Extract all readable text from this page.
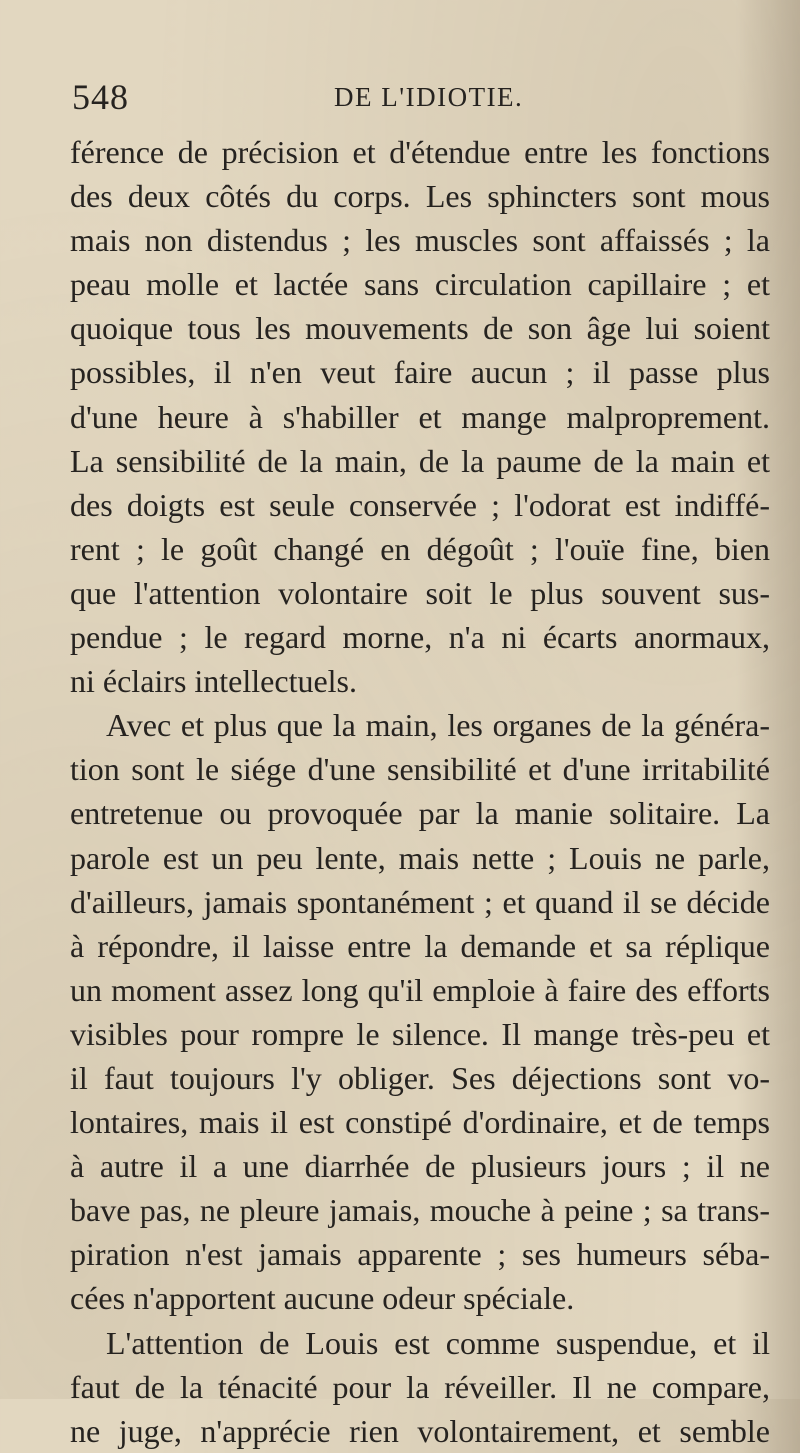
548	DE L'IDIOTIE.
férence de précision et d'étendue entre les fonctions
des deux côtés du corps. Les sphincters sont mous
mais non distendus ; les muscles sont affaissés ; la
peau molle et lactée sans circulation capillaire ; et
quoique tous les mouvements de son âge lui soient
possibles, il n'en veut faire aucun ; il passe plus
d'une heure à s'habiller et mange malproprement.
La sensibilité de la main, de la paume de la main et
des doigts est seule conservée ; l'odorat est indiffé-
rent ; le goût changé en dégoût ; l'ouïe fine, bien
que l'attention volontaire soit le plus souvent sus-
pendue ; le regard morne, n'a ni écarts anormaux,
ni éclairs intellectuels.
Avec et plus que la main, les organes de la généra-
tion sont le siége d'une sensibilité et d'une irritabilité
entretenue ou provoquée par la manie solitaire. La
parole est un peu lente, mais nette ; Louis ne parle,
d'ailleurs, jamais spontanément ; et quand il se décide
à répondre, il laisse entre la demande et sa réplique
un moment assez long qu'il emploie à faire des efforts
visibles pour rompre le silence. Il mange très-peu et
il faut toujours l'y obliger. Ses déjections sont vo-
lontaires, mais il est constipé d'ordinaire, et de temps
à autre il a une diarrhée de plusieurs jours ; il ne
bave pas, ne pleure jamais, mouche à peine ; sa trans-
piration n'est jamais apparente ; ses humeurs séba-
cées n'apportent aucune odeur spéciale.
L'attention de Louis est comme suspendue, et il
faut de la ténacité pour la réveiller. Il ne compare,
ne juge, n'apprécie rien volontairement, et semble
